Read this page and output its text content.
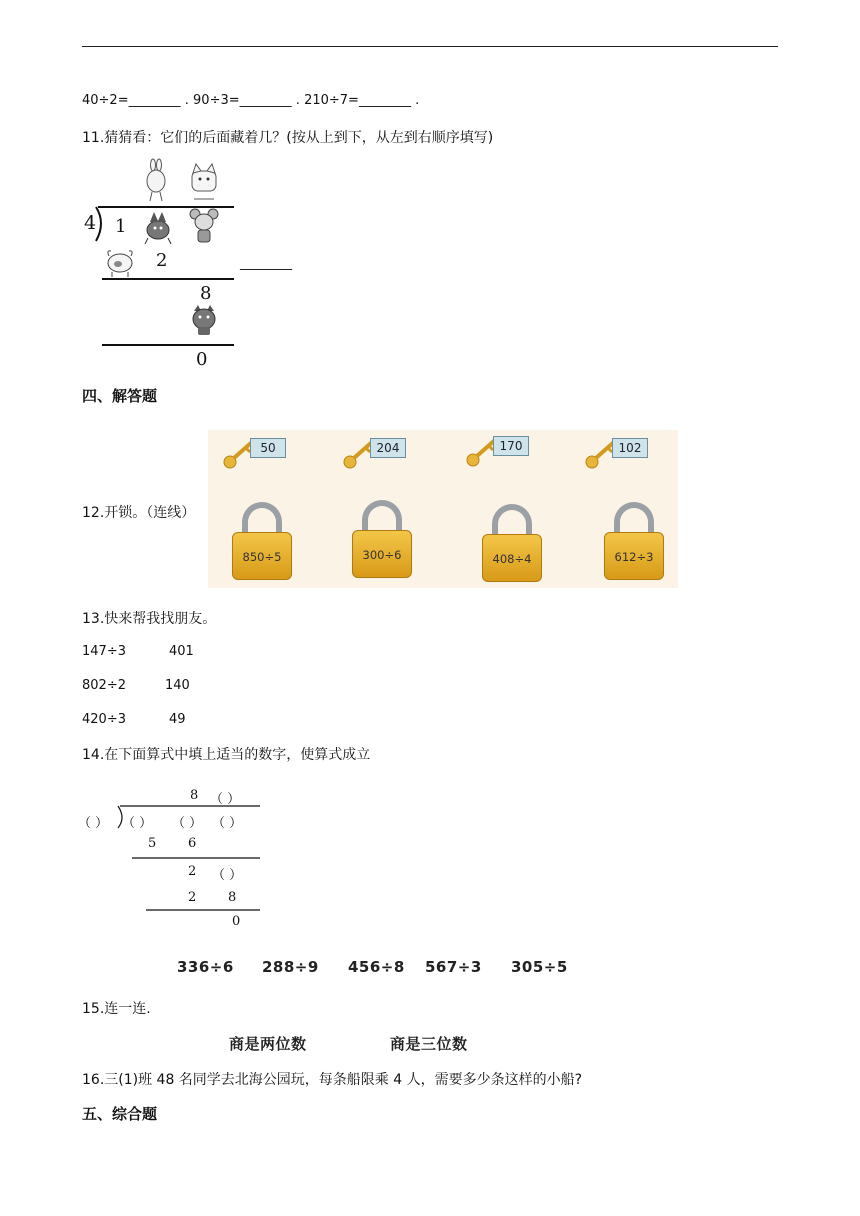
40÷2=________ . 90÷3=________ . 210÷7=________ .
11.猜猜看：它们的后面藏着几？(按从上到下，从左到右顺序填写)
4 1
2
8
0
________
四、解答题
12.开锁。（连线）
50	204	170	102
850÷5	300÷6	408÷4	612÷3
13.快来帮我找朋友。
147÷3	401
802÷2	140
420÷3	49
14.在下面算式中填上适当的数字，使算式成立
8 （ ）
（ ） （ ） （ ） （ ）
5 6
2 （ ）
2 8
0
336÷6 288÷9 456÷8 567÷3 305÷5
15.连一连.
商是两位数	商是三位数
16.三(1)班 48 名同学去北海公园玩，每条船限乘 4 人，需要多少条这样的小船?
五、综合题
